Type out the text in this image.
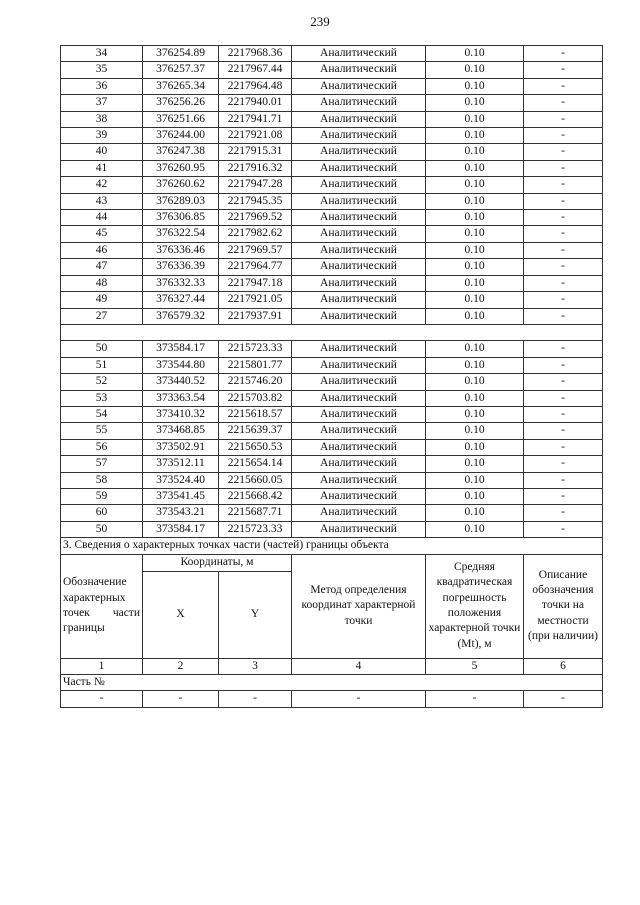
239
34	376254.89	2217968.36	Аналитический	0.10	-
35	376257.37	2217967.44	Аналитический	0.10	-
36	376265.34	2217964.48	Аналитический	0.10	-
37	376256.26	2217940.01	Аналитический	0.10	-
38	376251.66	2217941.71	Аналитический	0.10	-
39	376244.00	2217921.08	Аналитический	0.10	-
40	376247.38	2217915.31	Аналитический	0.10	-
41	376260.95	2217916.32	Аналитический	0.10	-
42	376260.62	2217947.28	Аналитический	0.10	-
43	376289.03	2217945.35	Аналитический	0.10	-
44	376306.85	2217969.52	Аналитический	0.10	-
45	376322.54	2217982.62	Аналитический	0.10	-
46	376336.46	2217969.57	Аналитический	0.10	-
47	376336.39	2217964.77	Аналитический	0.10	-
48	376332.33	2217947.18	Аналитический	0.10	-
49	376327.44	2217921.05	Аналитический	0.10	-
27	376579.32	2217937.91	Аналитический	0.10	-

50	373584.17	2215723.33	Аналитический	0.10	-
51	373544.80	2215801.77	Аналитический	0.10	-
52	373440.52	2215746.20	Аналитический	0.10	-
53	373363.54	2215703.82	Аналитический	0.10	-
54	373410.32	2215618.57	Аналитический	0.10	-
55	373468.85	2215639.37	Аналитический	0.10	-
56	373502.91	2215650.53	Аналитический	0.10	-
57	373512.11	2215654.14	Аналитический	0.10	-
58	373524.40	2215660.05	Аналитический	0.10	-
59	373541.45	2215668.42	Аналитический	0.10	-
60	373543.21	2215687.71	Аналитический	0.10	-
50	373584.17	2215723.33	Аналитический	0.10	-
3. Сведения о характерных точках части (частей) границы объекта					

Обозначение
характерных
точек части
границы	Координаты, м		Метод определения координат характерной точки	Средняя квадратическая погрешность положения характерной точки (Mt), м	Описание обозначения точки на местности (при наличии)
	X	Y			
1	2	3	4	5	6
Часть №					
-	-	-	-	-	-
